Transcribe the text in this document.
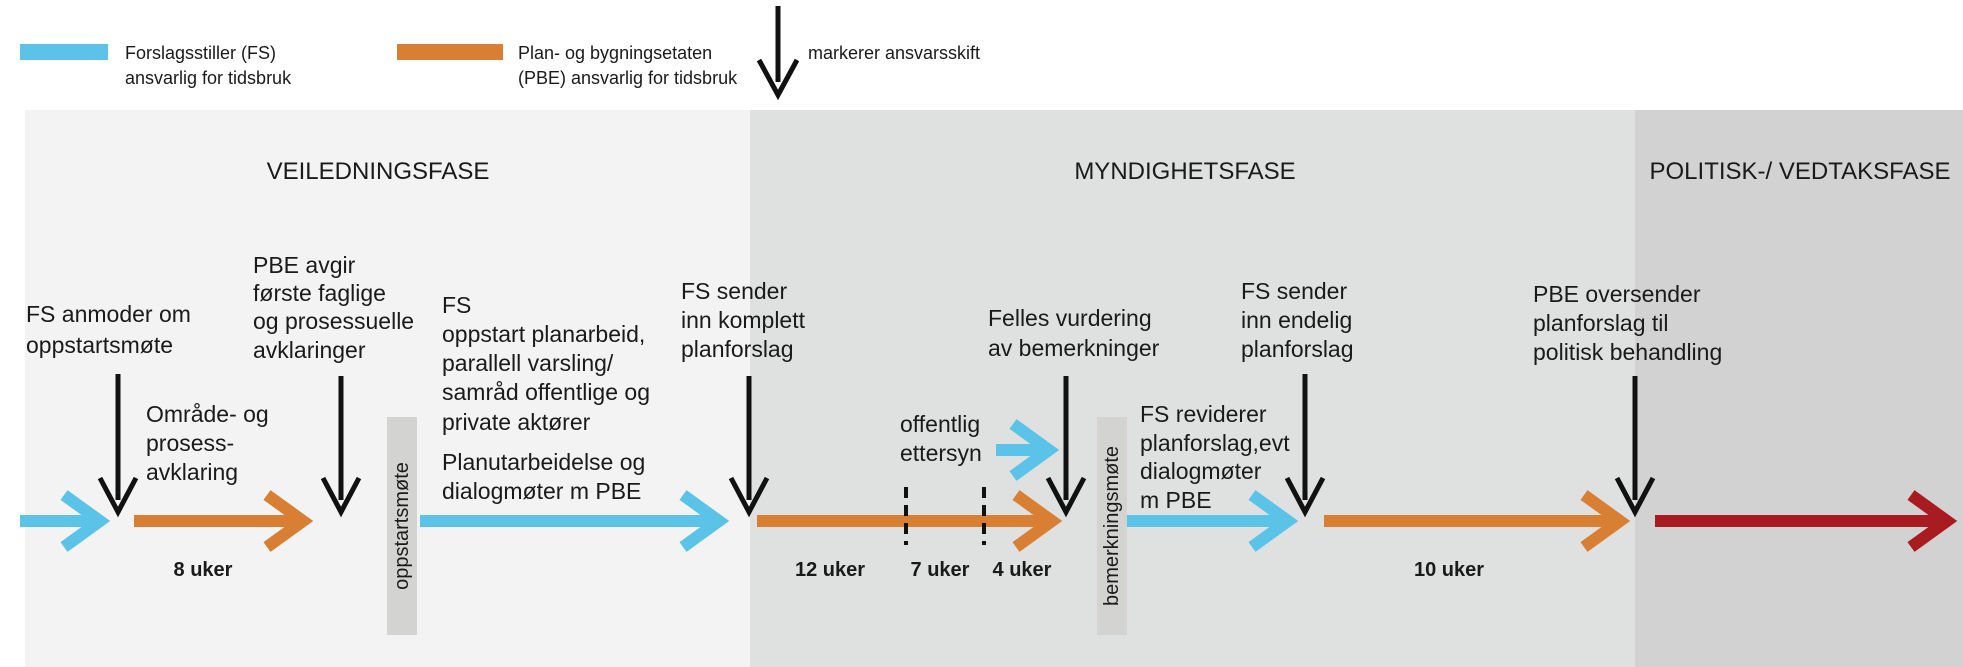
Forslagsstiller (FS)
ansvarlig for tidsbruk
Plan- og bygningsetaten
(PBE) ansvarlig for tidsbruk
markerer ansvarsskift
VEILEDNINGSFASE	MYNDIGHETSFASE	POLITISK-/ VEDTAKSFASE
FS anmoder om
oppstartsmøte
PBE avgir
første faglige
og prosessuelle
avklaringer
FS sender
inn komplett
planforslag
Felles vurdering
av bemerkninger
FS sender
inn endelig
planforslag
PBE oversender
planforslag til
politisk behandling
Område- og
prosess-
avklaring
FS
oppstart planarbeid,
parallell varsling/
samråd offentlige og
private aktører
Planutarbeidelse og
dialogmøter m PBE
offentlig
ettersyn
FS reviderer
planforslag,evt
dialogmøter
m PBE
oppstartsmøte	bemerkningsmøte
8 uker	12 uker 7 uker 4 uker	10 uker
